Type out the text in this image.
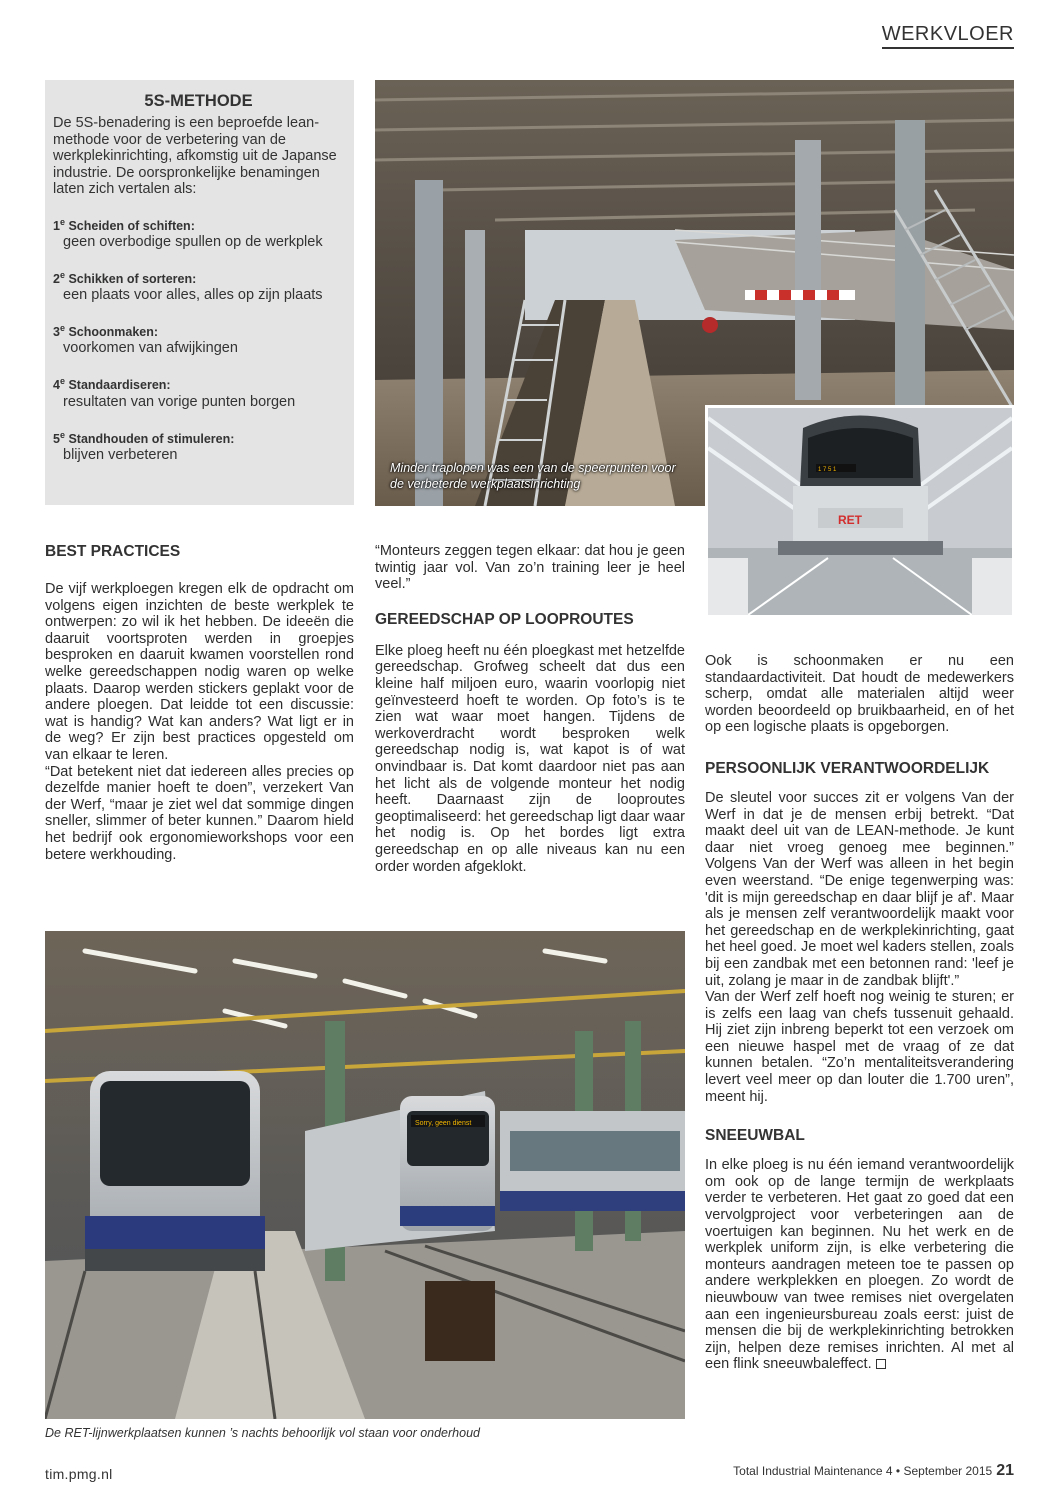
WERKVLOER
5S-METHODE

De 5S-benadering is een beproefde lean-methode voor de verbetering van de werkplekinrichting, afkomstig uit de Japanse industrie. De oorspronkelijke benamingen laten zich vertalen als:

1e Scheiden of schiften:
geen overbodige spullen op de werkplek
2e Schikken of sorteren:
een plaats voor alles, alles op zijn plaats
3e Schoonmaken:
voorkomen van afwijkingen
4e Standaardiseren:
resultaten van vorige punten borgen
5e Standhouden of stimuleren:
blijven verbeteren
Minder traplopen was een van de speerpunten voor de verbeterde werkplaatsinrichting
1 7 5 1
RET
BEST PRACTICES

De vijf werkploegen kregen elk de opdracht om volgens eigen inzichten de beste werkplek te ontwerpen: zo wil ik het hebben. De ideeën die daaruit voortsproten werden in groepjes besproken en daaruit kwamen voorstellen rond welke gereedschappen nodig waren op welke plaats. Daarop werden stickers geplakt voor de andere ploegen. Dat leidde tot een discussie: wat is handig? Wat kan anders? Wat ligt er in de weg? Er zijn best practices opgesteld om van elkaar te leren.

“Dat betekent niet dat iedereen alles precies op dezelfde manier hoeft te doen”, verzekert Van der Werf, “maar je ziet wel dat sommige dingen sneller, slimmer of beter kunnen.” Daarom hield het bedrijf ook ergonomieworkshops voor een betere werkhouding.

“Monteurs zeggen tegen elkaar: dat hou je geen twintig jaar vol. Van zo’n training leer je heel veel.”

GEREEDSCHAP OP LOOPROUTES

Elke ploeg heeft nu één ploegkast met hetzelfde gereedschap. Grofweg scheelt dat dus een kleine half miljoen euro, waarin voorlopig niet geïnvesteerd hoeft te worden. Op foto’s is te zien wat waar moet hangen. Tijdens de werkoverdracht wordt besproken welk gereedschap nodig is, wat kapot is of wat onvindbaar is. Dat komt daardoor niet pas aan het licht als de volgende monteur het nodig heeft. Daarnaast zijn de looproutes geoptimaliseerd: het gereedschap ligt daar waar het nodig is. Op het bordes ligt extra gereedschap en op alle niveaus kan nu een order worden afgeklokt.

Ook is schoonmaken er nu een standaardactiviteit. Dat houdt de medewerkers scherp, omdat alle materialen altijd weer worden beoordeeld op bruikbaarheid, en of het op een logische plaats is opgeborgen.

PERSOONLIJK VERANTWOORDELIJK

De sleutel voor succes zit er volgens Van der Werf in dat je de mensen erbij betrekt. “Dat maakt deel uit van de LEAN-methode. Je kunt daar niet vroeg genoeg mee beginnen.” Volgens Van der Werf was alleen in het begin even weerstand. “De enige tegenwerping was: 'dit is mijn gereedschap en daar blijf je af'. Maar als je mensen zelf verantwoordelijk maakt voor het gereedschap en de werkplekinrichting, gaat het heel goed. Je moet wel kaders stellen, zoals bij een zandbak met een betonnen rand: 'leef je uit, zolang je maar in de zandbak blijft'.”

Van der Werf zelf hoeft nog weinig te sturen; er is zelfs een laag van chefs tussenuit gehaald. Hij ziet zijn inbreng beperkt tot een verzoek om een nieuwe haspel met de vraag of ze dat kunnen betalen. “Zo’n mentaliteitsverandering levert veel meer op dan louter die 1.700 uren”, meent hij.

SNEEUWBAL

In elke ploeg is nu één iemand verantwoordelijk om ook op de lange termijn de werkplaats verder te verbeteren. Het gaat zo goed dat een vervolgproject voor verbeteringen aan de voertuigen kan beginnen. Nu het werk en de werkplek uniform zijn, is elke verbetering die monteurs aandragen meteen toe te passen op andere werkplekken en ploegen. Zo wordt de nieuwbouw van twee remises niet overgelaten aan een ingenieursbureau zoals eerst: juist de mensen die bij de werkplekinrichting betrokken zijn, helpen deze remises inrichten. Al met al een flink sneeuwbaleffect.

Sorry, geen dienst
De RET-lijnwerkplaatsen kunnen ’s nachts behoorlijk vol staan voor onderhoud
tim.pmg.nl	Total Industrial Maintenance 4 • September 2015 21
